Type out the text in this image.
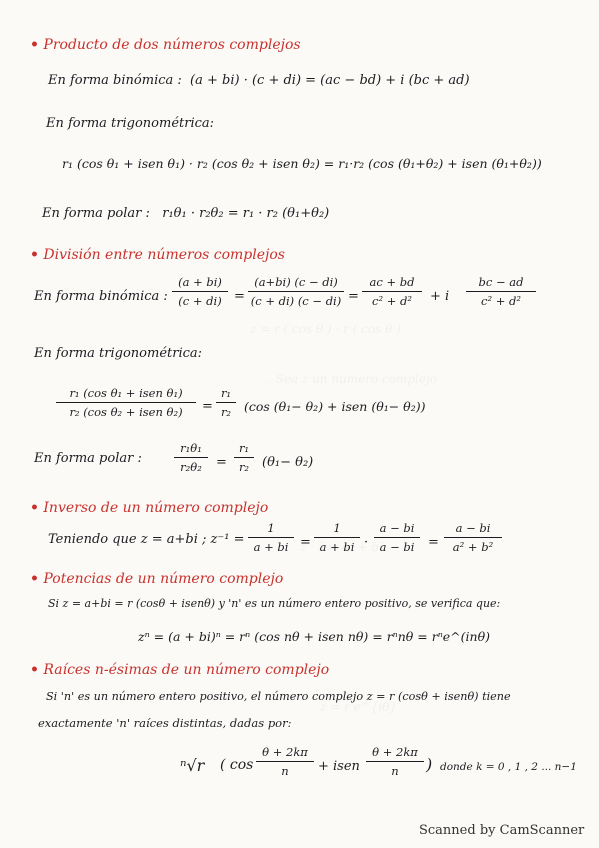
• Producto de dos números complejos
En forma binómica : (a + bi) · (c + di) = (ac − bd) + i (bc + ad)
En forma trigonométrica:
r₁ (cos θ₁ + isen θ₁) · r₂ (cos θ₂ + isen θ₂) = r₁·r₂ (cos (θ₁+θ₂) + isen (θ₁+θ₂))
En forma polar : r₁θ₁ · r₂θ₂ = r₁ · r₂ (θ₁+θ₂)
• División entre números complejos
En forma binómica :
(a + bi)
(c + di) =
(a+bi) (c − di)
(c + di) (c − di) =
ac + bd
c² + d²	+ i
bc − ad
c² + d²
En forma trigonométrica:
r₁ (cos θ₁ + isen θ₁)
r₂ (cos θ₂ + isen θ₂)	=
r₁
r₂	(cos (θ₁− θ₂) + isen (θ₁− θ₂))
En forma polar :
r₁θ₁
r₂θ₂	=
r₁
r₂ (θ₁− θ₂)
• Inverso de un número complejo
Teniendo que z = a+bi ; z⁻¹ =
1
a + bi =
1
a + bi ·
a − bi
a − bi	=
a − bi
a² + b²
• Potencias de un número complejo
Si z = a+bi = r (cosθ + isenθ) y 'n' es un número entero positivo, se verifica que:
zⁿ = (a + bi)ⁿ = rⁿ (cos nθ + isen nθ) = rⁿnθ = rⁿe^(inθ)
• Raíces n-ésimas de un número complejo
Si 'n' es un número entero positivo, el número complejo z = r (cosθ + isenθ) tiene
exactamente 'n' raíces distintas, dadas por:
ⁿ√r ( cos
θ + 2kπ
n	+ isen
θ + 2kπ
n	) donde k = 0 , 1 , 2 ... n−1
Scanned by CamScanner
